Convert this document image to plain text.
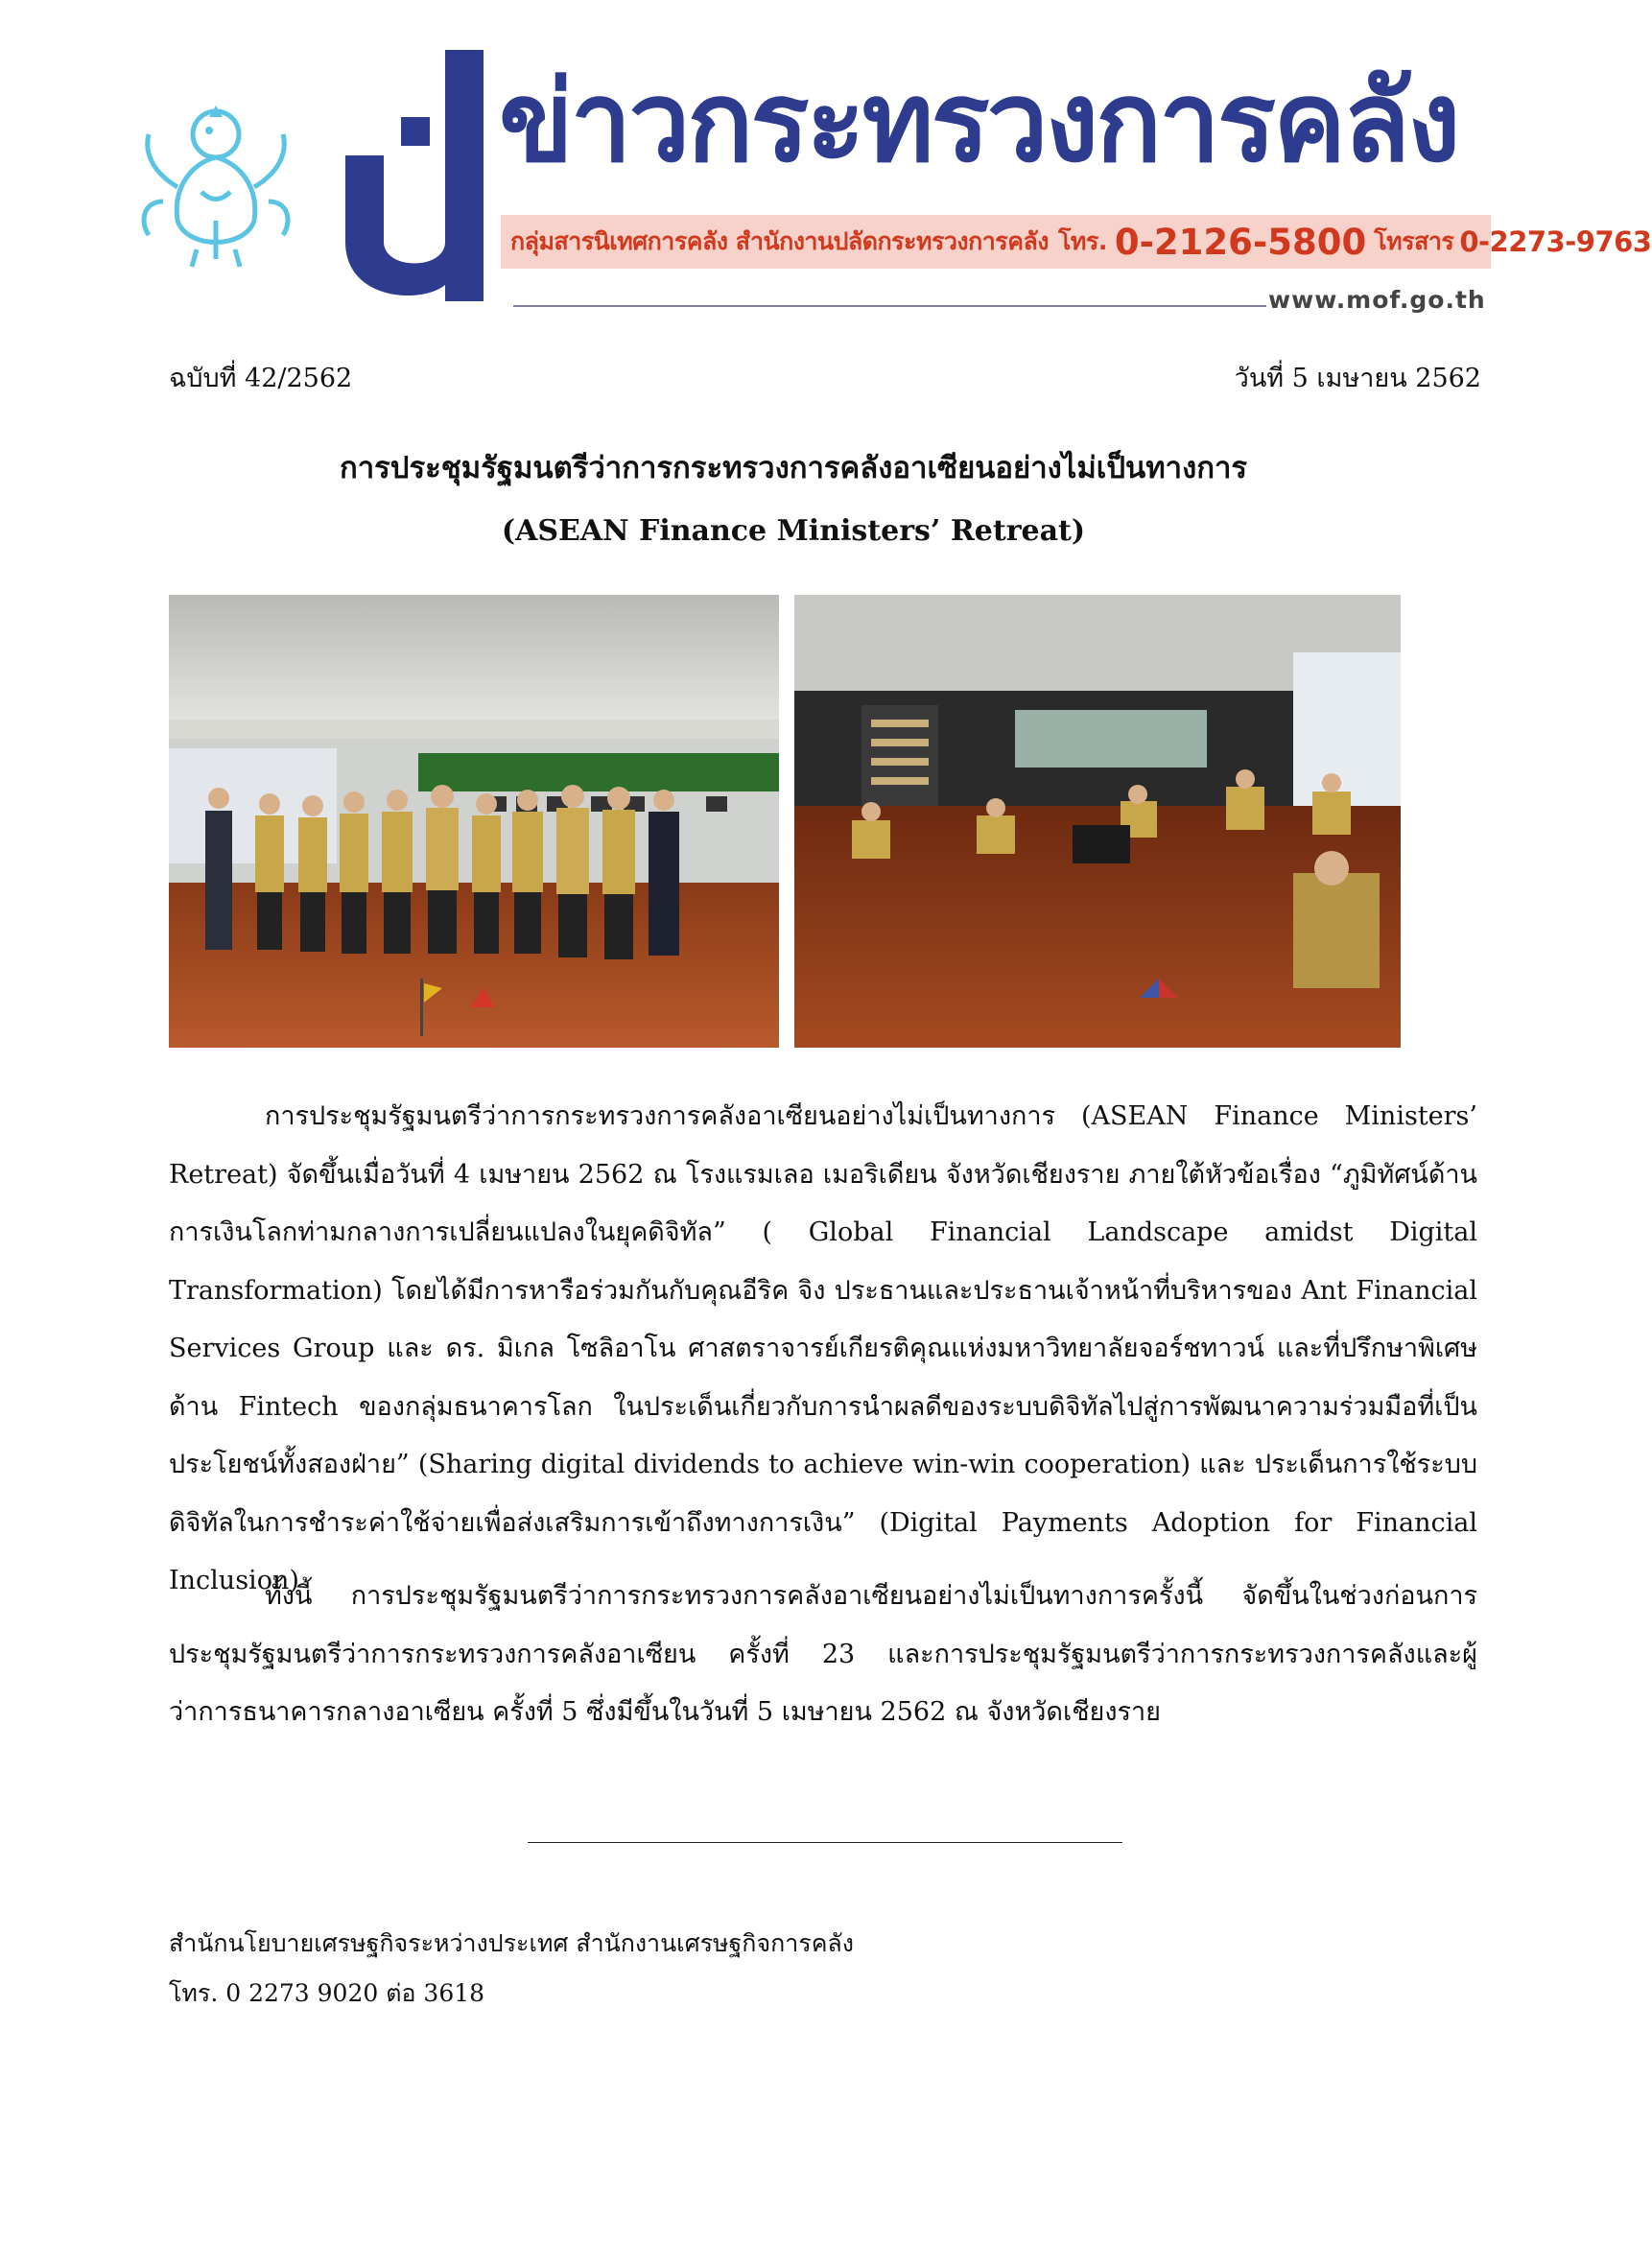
ข่าวกระทรวงการคลัง
กลุ่มสารนิเทศการคลัง สำนักงานปลัดกระทรวงการคลัง โทร. 0-2126-5800 โทรสาร 0-2273-9763
www.mof.go.th
ฉบับที่ 42/2562	วันที่ 5 เมษายน 2562
การประชุมรัฐมนตรีว่าการกระทรวงการคลังอาเซียนอย่างไม่เป็นทางการ
(ASEAN Finance Ministers’ Retreat)

การประชุมรัฐมนตรีว่าการกระทรวงการคลังอาเซียนอย่างไม่เป็นทางการ (ASEAN Finance Ministers’ Retreat) จัดขึ้นเมื่อวันที่ 4 เมษายน 2562 ณ โรงแรมเลอ เมอริเดียน จังหวัดเชียงราย ภายใต้หัวข้อเรื่อง “ภูมิทัศน์ด้านการเงินโลกท่ามกลางการเปลี่ยนแปลงในยุคดิจิทัล” ( Global Financial Landscape amidst Digital Transformation) โดยได้มีการหารือร่วมกันกับคุณอีริค จิง ประธานและประธานเจ้าหน้าที่บริหารของ Ant Financial Services Group และ ดร. มิเกล โซลิอาโน ศาสตราจารย์เกียรติคุณแห่งมหาวิทยาลัยจอร์ชทาวน์ และที่ปรึกษาพิเศษด้าน Fintech ของกลุ่มธนาคารโลก ในประเด็นเกี่ยวกับการนำผลดีของระบบดิจิทัลไปสู่การพัฒนาความร่วมมือที่เป็นประโยชน์ทั้งสองฝ่าย” (Sharing digital dividends to achieve win-win cooperation) และ ประเด็นการใช้ระบบดิจิทัลในการชำระค่าใช้จ่ายเพื่อส่งเสริมการเข้าถึงทางการเงิน” (Digital Payments Adoption for Financial Inclusion)

ทั้งนี้ การประชุมรัฐมนตรีว่าการกระทรวงการคลังอาเซียนอย่างไม่เป็นทางการครั้งนี้ จัดขึ้นในช่วงก่อนการประชุมรัฐมนตรีว่าการกระทรวงการคลังอาเซียน ครั้งที่ 23 และการประชุมรัฐมนตรีว่าการกระทรวงการคลังและผู้ว่าการธนาคารกลางอาเซียน ครั้งที่ 5 ซึ่งมีขึ้นในวันที่ 5 เมษายน 2562 ณ จังหวัดเชียงราย

สำนักนโยบายเศรษฐกิจระหว่างประเทศ สำนักงานเศรษฐกิจการคลัง
โทร. 0 2273 9020 ต่อ 3618
